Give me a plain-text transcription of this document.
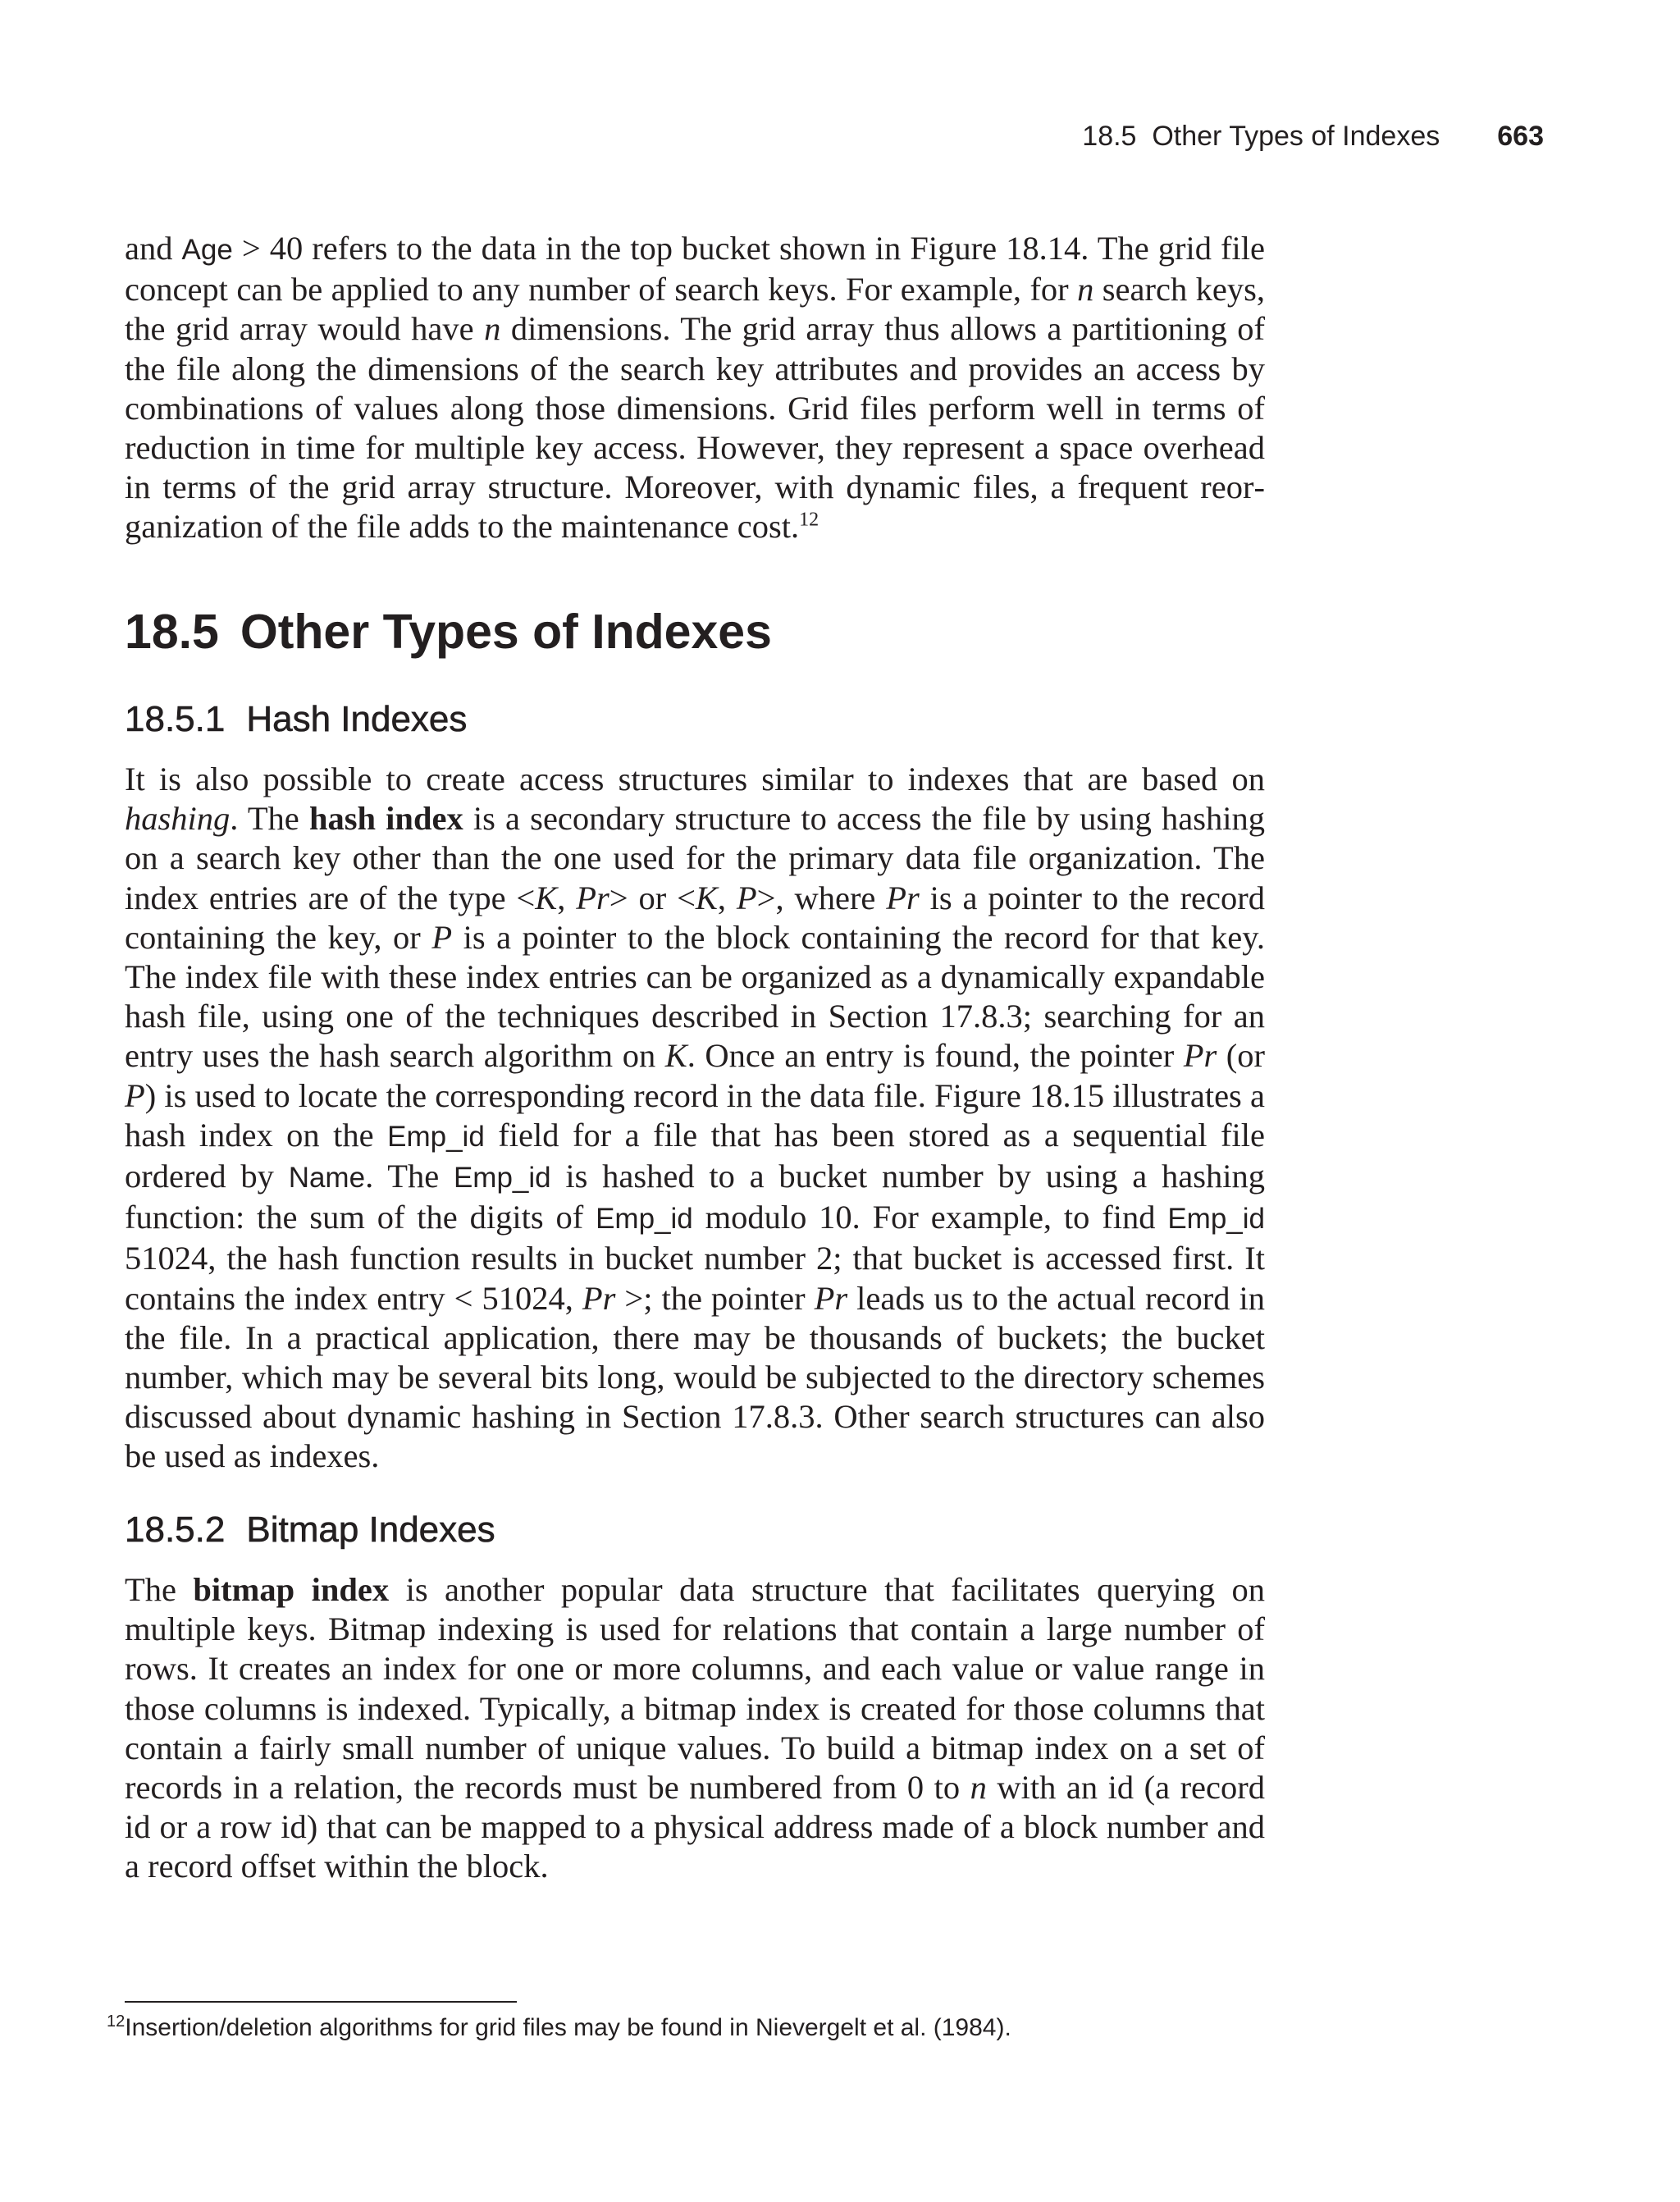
18.5  Other Types of Indexes 663

and Age > 40 refers to the data in the top bucket shown in Figure 18.14. The grid file concept can be applied to any number of search keys. For example, for n search keys, the grid array would have n dimensions. The grid array thus allows a partitioning of the file along the dimensions of the search key attributes and provides an access by combinations of values along those dimensions. Grid files perform well in terms of reduction in time for multiple key access. However, they represent a space overhead in terms of the grid array structure. Moreover, with dynamic files, a frequent reorganization of the file adds to the maintenance cost.$^{12}$

18.5 Other Types of Indexes
18.5.1 Hash Indexes

It is also possible to create access structures similar to indexes that are based on hashing. The hash index is a secondary structure to access the file by using hashing on a search key other than the one used for the primary data file organization. The index entries are of the type <K, Pr> or <K, P>, where Pr is a pointer to the record containing the key, or P is a pointer to the block containing the record for that key. The index file with these index entries can be organized as a dynamically expandable hash file, using one of the techniques described in Section 17.8.3; searching for an entry uses the hash search algorithm on K. Once an entry is found, the pointer Pr (or P) is used to locate the corresponding record in the data file. Figure 18.15 illustrates a hash index on the Emp_id field for a file that has been stored as a sequential file ordered by Name. The Emp_id is hashed to a bucket number by using a hashing function: the sum of the digits of Emp_id modulo 10. For example, to find Emp_id 51024, the hash function results in bucket number 2; that bucket is accessed first. It contains the index entry < 51024, Pr >; the pointer Pr leads us to the actual record in the file. In a practical application, there may be thousands of buckets; the bucket number, which may be several bits long, would be subjected to the directory schemes discussed about dynamic hashing in Section 17.8.3. Other search structures can also be used as indexes.

18.5.2 Bitmap Indexes

The bitmap index is another popular data structure that facilitates querying on multiple keys. Bitmap indexing is used for relations that contain a large number of rows. It creates an index for one or more columns, and each value or value range in those columns is indexed. Typically, a bitmap index is created for those columns that contain a fairly small number of unique values. To build a bitmap index on a set of records in a relation, the records must be numbered from 0 to n with an id (a record id or a row id) that can be mapped to a physical address made of a block number and a record offset within the block.

$^{12}$Insertion/deletion algorithms for grid files may be found in Nievergelt et al. (1984).
